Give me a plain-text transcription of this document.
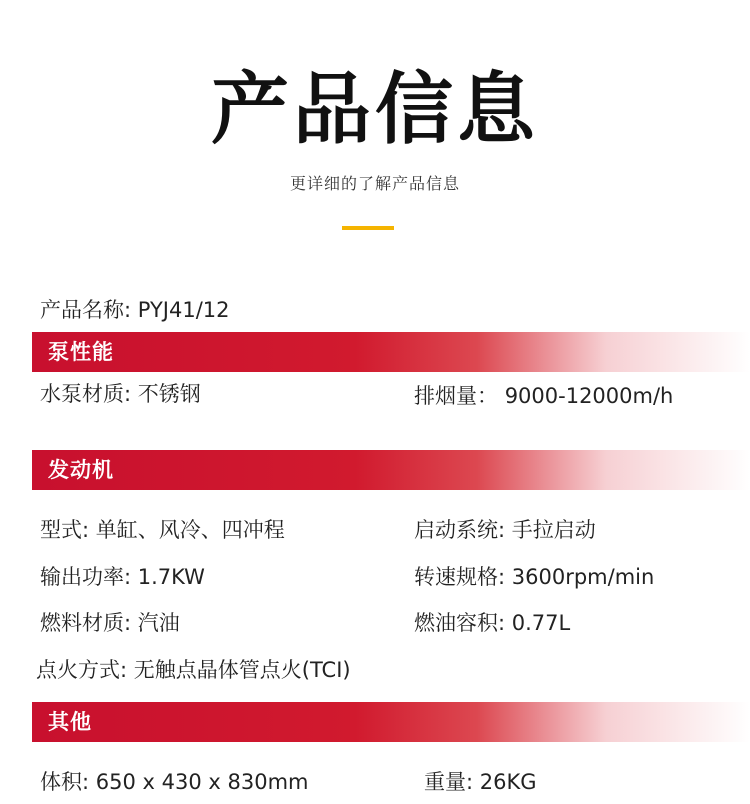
产品信息
更详细的了解产品信息
产品名称: PYJ41/12
泵性能
水泵材质: 不锈钢	排烟量： 9000-12000m/h
发动机
型式: 单缸、风冷、四冲程	启动系统: 手拉启动
输出功率: 1.7KW	转速规格: 3600rpm/min
燃料材质: 汽油	燃油容积: 0.77L
点火方式: 无触点晶体管点火(TCI)
其他
体积: 650 x 430 x 830mm	重量: 26KG
